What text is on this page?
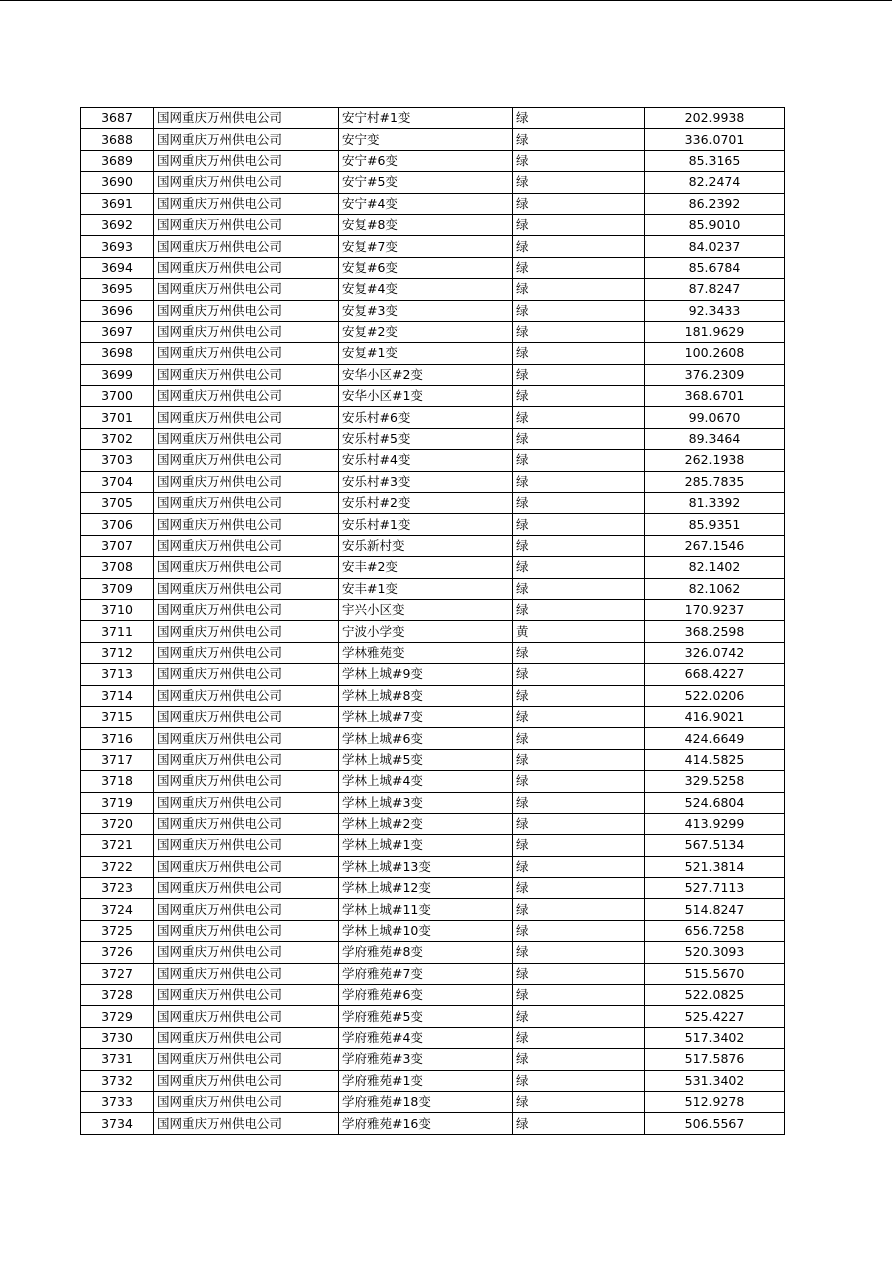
3687	国网重庆万州供电公司	安宁村#1变	绿	202.9938
3688	国网重庆万州供电公司	安宁变	绿	336.0701
3689	国网重庆万州供电公司	安宁#6变	绿	85.3165
3690	国网重庆万州供电公司	安宁#5变	绿	82.2474
3691	国网重庆万州供电公司	安宁#4变	绿	86.2392
3692	国网重庆万州供电公司	安复#8变	绿	85.9010
3693	国网重庆万州供电公司	安复#7变	绿	84.0237
3694	国网重庆万州供电公司	安复#6变	绿	85.6784
3695	国网重庆万州供电公司	安复#4变	绿	87.8247
3696	国网重庆万州供电公司	安复#3变	绿	92.3433
3697	国网重庆万州供电公司	安复#2变	绿	181.9629
3698	国网重庆万州供电公司	安复#1变	绿	100.2608
3699	国网重庆万州供电公司	安华小区#2变	绿	376.2309
3700	国网重庆万州供电公司	安华小区#1变	绿	368.6701
3701	国网重庆万州供电公司	安乐村#6变	绿	99.0670
3702	国网重庆万州供电公司	安乐村#5变	绿	89.3464
3703	国网重庆万州供电公司	安乐村#4变	绿	262.1938
3704	国网重庆万州供电公司	安乐村#3变	绿	285.7835
3705	国网重庆万州供电公司	安乐村#2变	绿	81.3392
3706	国网重庆万州供电公司	安乐村#1变	绿	85.9351
3707	国网重庆万州供电公司	安乐新村变	绿	267.1546
3708	国网重庆万州供电公司	安丰#2变	绿	82.1402
3709	国网重庆万州供电公司	安丰#1变	绿	82.1062
3710	国网重庆万州供电公司	宇兴小区变	绿	170.9237
3711	国网重庆万州供电公司	宁波小学变	黄	368.2598
3712	国网重庆万州供电公司	学林雅苑变	绿	326.0742
3713	国网重庆万州供电公司	学林上城#9变	绿	668.4227
3714	国网重庆万州供电公司	学林上城#8变	绿	522.0206
3715	国网重庆万州供电公司	学林上城#7变	绿	416.9021
3716	国网重庆万州供电公司	学林上城#6变	绿	424.6649
3717	国网重庆万州供电公司	学林上城#5变	绿	414.5825
3718	国网重庆万州供电公司	学林上城#4变	绿	329.5258
3719	国网重庆万州供电公司	学林上城#3变	绿	524.6804
3720	国网重庆万州供电公司	学林上城#2变	绿	413.9299
3721	国网重庆万州供电公司	学林上城#1变	绿	567.5134
3722	国网重庆万州供电公司	学林上城#13变	绿	521.3814
3723	国网重庆万州供电公司	学林上城#12变	绿	527.7113
3724	国网重庆万州供电公司	学林上城#11变	绿	514.8247
3725	国网重庆万州供电公司	学林上城#10变	绿	656.7258
3726	国网重庆万州供电公司	学府雅苑#8变	绿	520.3093
3727	国网重庆万州供电公司	学府雅苑#7变	绿	515.5670
3728	国网重庆万州供电公司	学府雅苑#6变	绿	522.0825
3729	国网重庆万州供电公司	学府雅苑#5变	绿	525.4227
3730	国网重庆万州供电公司	学府雅苑#4变	绿	517.3402
3731	国网重庆万州供电公司	学府雅苑#3变	绿	517.5876
3732	国网重庆万州供电公司	学府雅苑#1变	绿	531.3402
3733	国网重庆万州供电公司	学府雅苑#18变	绿	512.9278
3734	国网重庆万州供电公司	学府雅苑#16变	绿	506.5567
